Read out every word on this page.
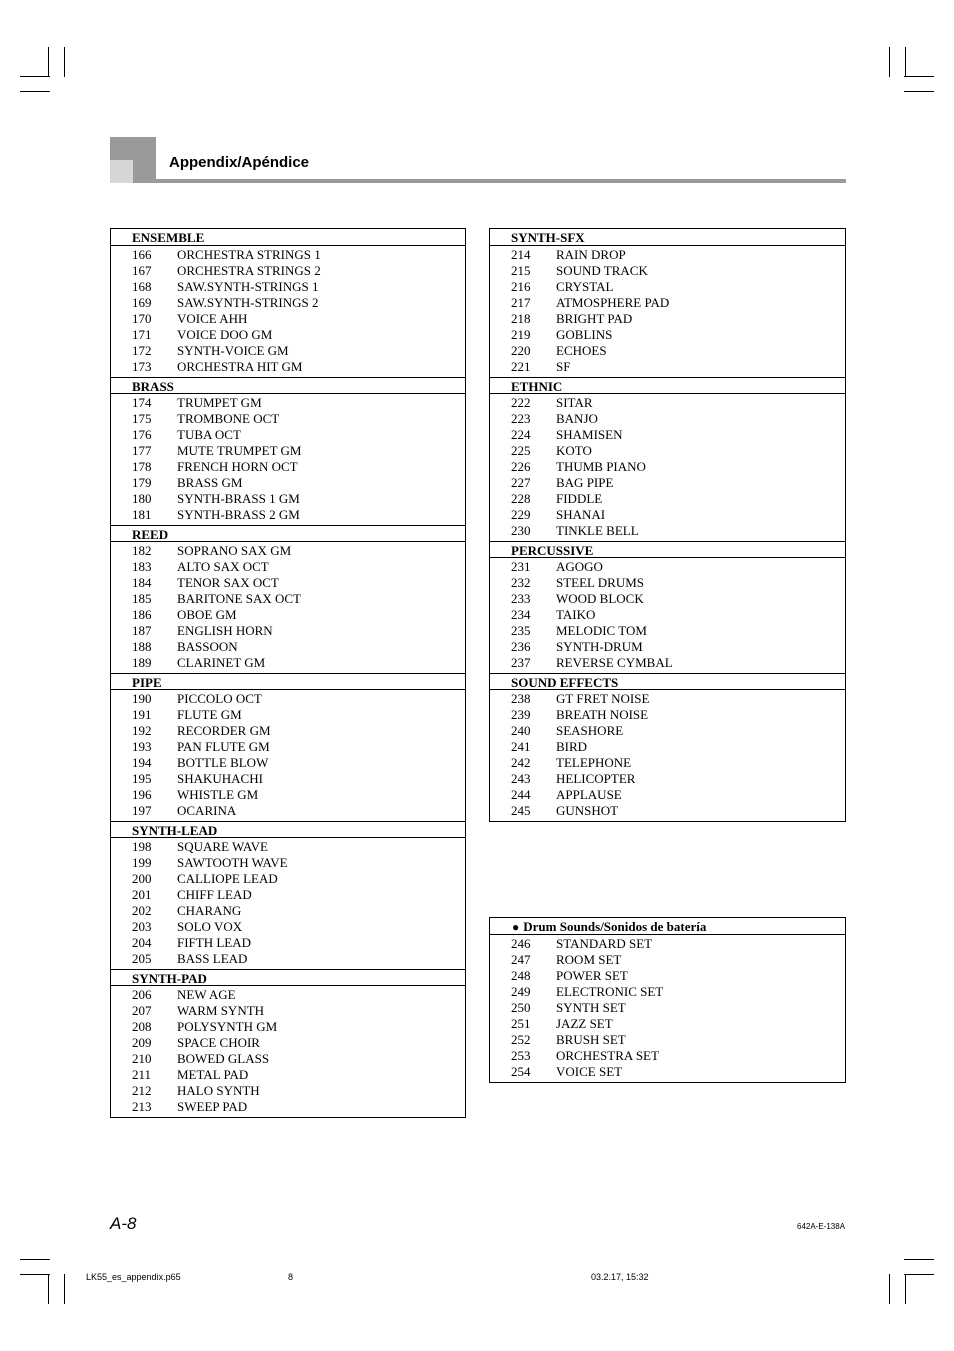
Appendix/Apéndice
ENSEMBLE
166	ORCHESTRA STRINGS 1
167	ORCHESTRA STRINGS 2
168	SAW.SYNTH-STRINGS 1
169	SAW.SYNTH-STRINGS 2
170	VOICE AHH
171	VOICE DOO GM
172	SYNTH-VOICE GM
173	ORCHESTRA HIT GM
BRASS
174	TRUMPET GM
175	TROMBONE OCT
176	TUBA OCT
177	MUTE TRUMPET GM
178	FRENCH HORN OCT
179	BRASS GM
180	SYNTH-BRASS 1 GM
181	SYNTH-BRASS 2 GM
REED
182	SOPRANO SAX GM
183	ALTO SAX OCT
184	TENOR SAX OCT
185	BARITONE SAX OCT
186	OBOE GM
187	ENGLISH HORN
188	BASSOON
189	CLARINET GM
PIPE
190	PICCOLO OCT
191	FLUTE GM
192	RECORDER GM
193	PAN FLUTE GM
194	BOTTLE BLOW
195	SHAKUHACHI
196	WHISTLE GM
197	OCARINA
SYNTH-LEAD
198	SQUARE WAVE
199	SAWTOOTH WAVE
200	CALLIOPE LEAD
201	CHIFF LEAD
202	CHARANG
203	SOLO VOX
204	FIFTH LEAD
205	BASS LEAD
SYNTH-PAD
206	NEW AGE
207	WARM SYNTH
208	POLYSYNTH GM
209	SPACE CHOIR
210	BOWED GLASS
211	METAL PAD
212	HALO SYNTH
213	SWEEP PAD
SYNTH-SFX
214	RAIN DROP
215	SOUND TRACK
216	CRYSTAL
217	ATMOSPHERE PAD
218	BRIGHT PAD
219	GOBLINS
220	ECHOES
221	SF
ETHNIC
222	SITAR
223	BANJO
224	SHAMISEN
225	KOTO
226	THUMB PIANO
227	BAG PIPE
228	FIDDLE
229	SHANAI
230	TINKLE BELL
PERCUSSIVE
231	AGOGO
232	STEEL DRUMS
233	WOOD BLOCK
234	TAIKO
235	MELODIC TOM
236	SYNTH-DRUM
237	REVERSE CYMBAL
SOUND EFFECTS
238	GT FRET NOISE
239	BREATH NOISE
240	SEASHORE
241	BIRD
242	TELEPHONE
243	HELICOPTER
244	APPLAUSE
245	GUNSHOT
● Drum Sounds/Sonidos de batería
246	STANDARD SET
247	ROOM SET
248	POWER SET
249	ELECTRONIC SET
250	SYNTH SET
251	JAZZ SET
252	BRUSH SET
253	ORCHESTRA SET
254	VOICE SET
A-8	642A-E-138A
LK55_es_appendix.p65	8	03.2.17, 15:32
